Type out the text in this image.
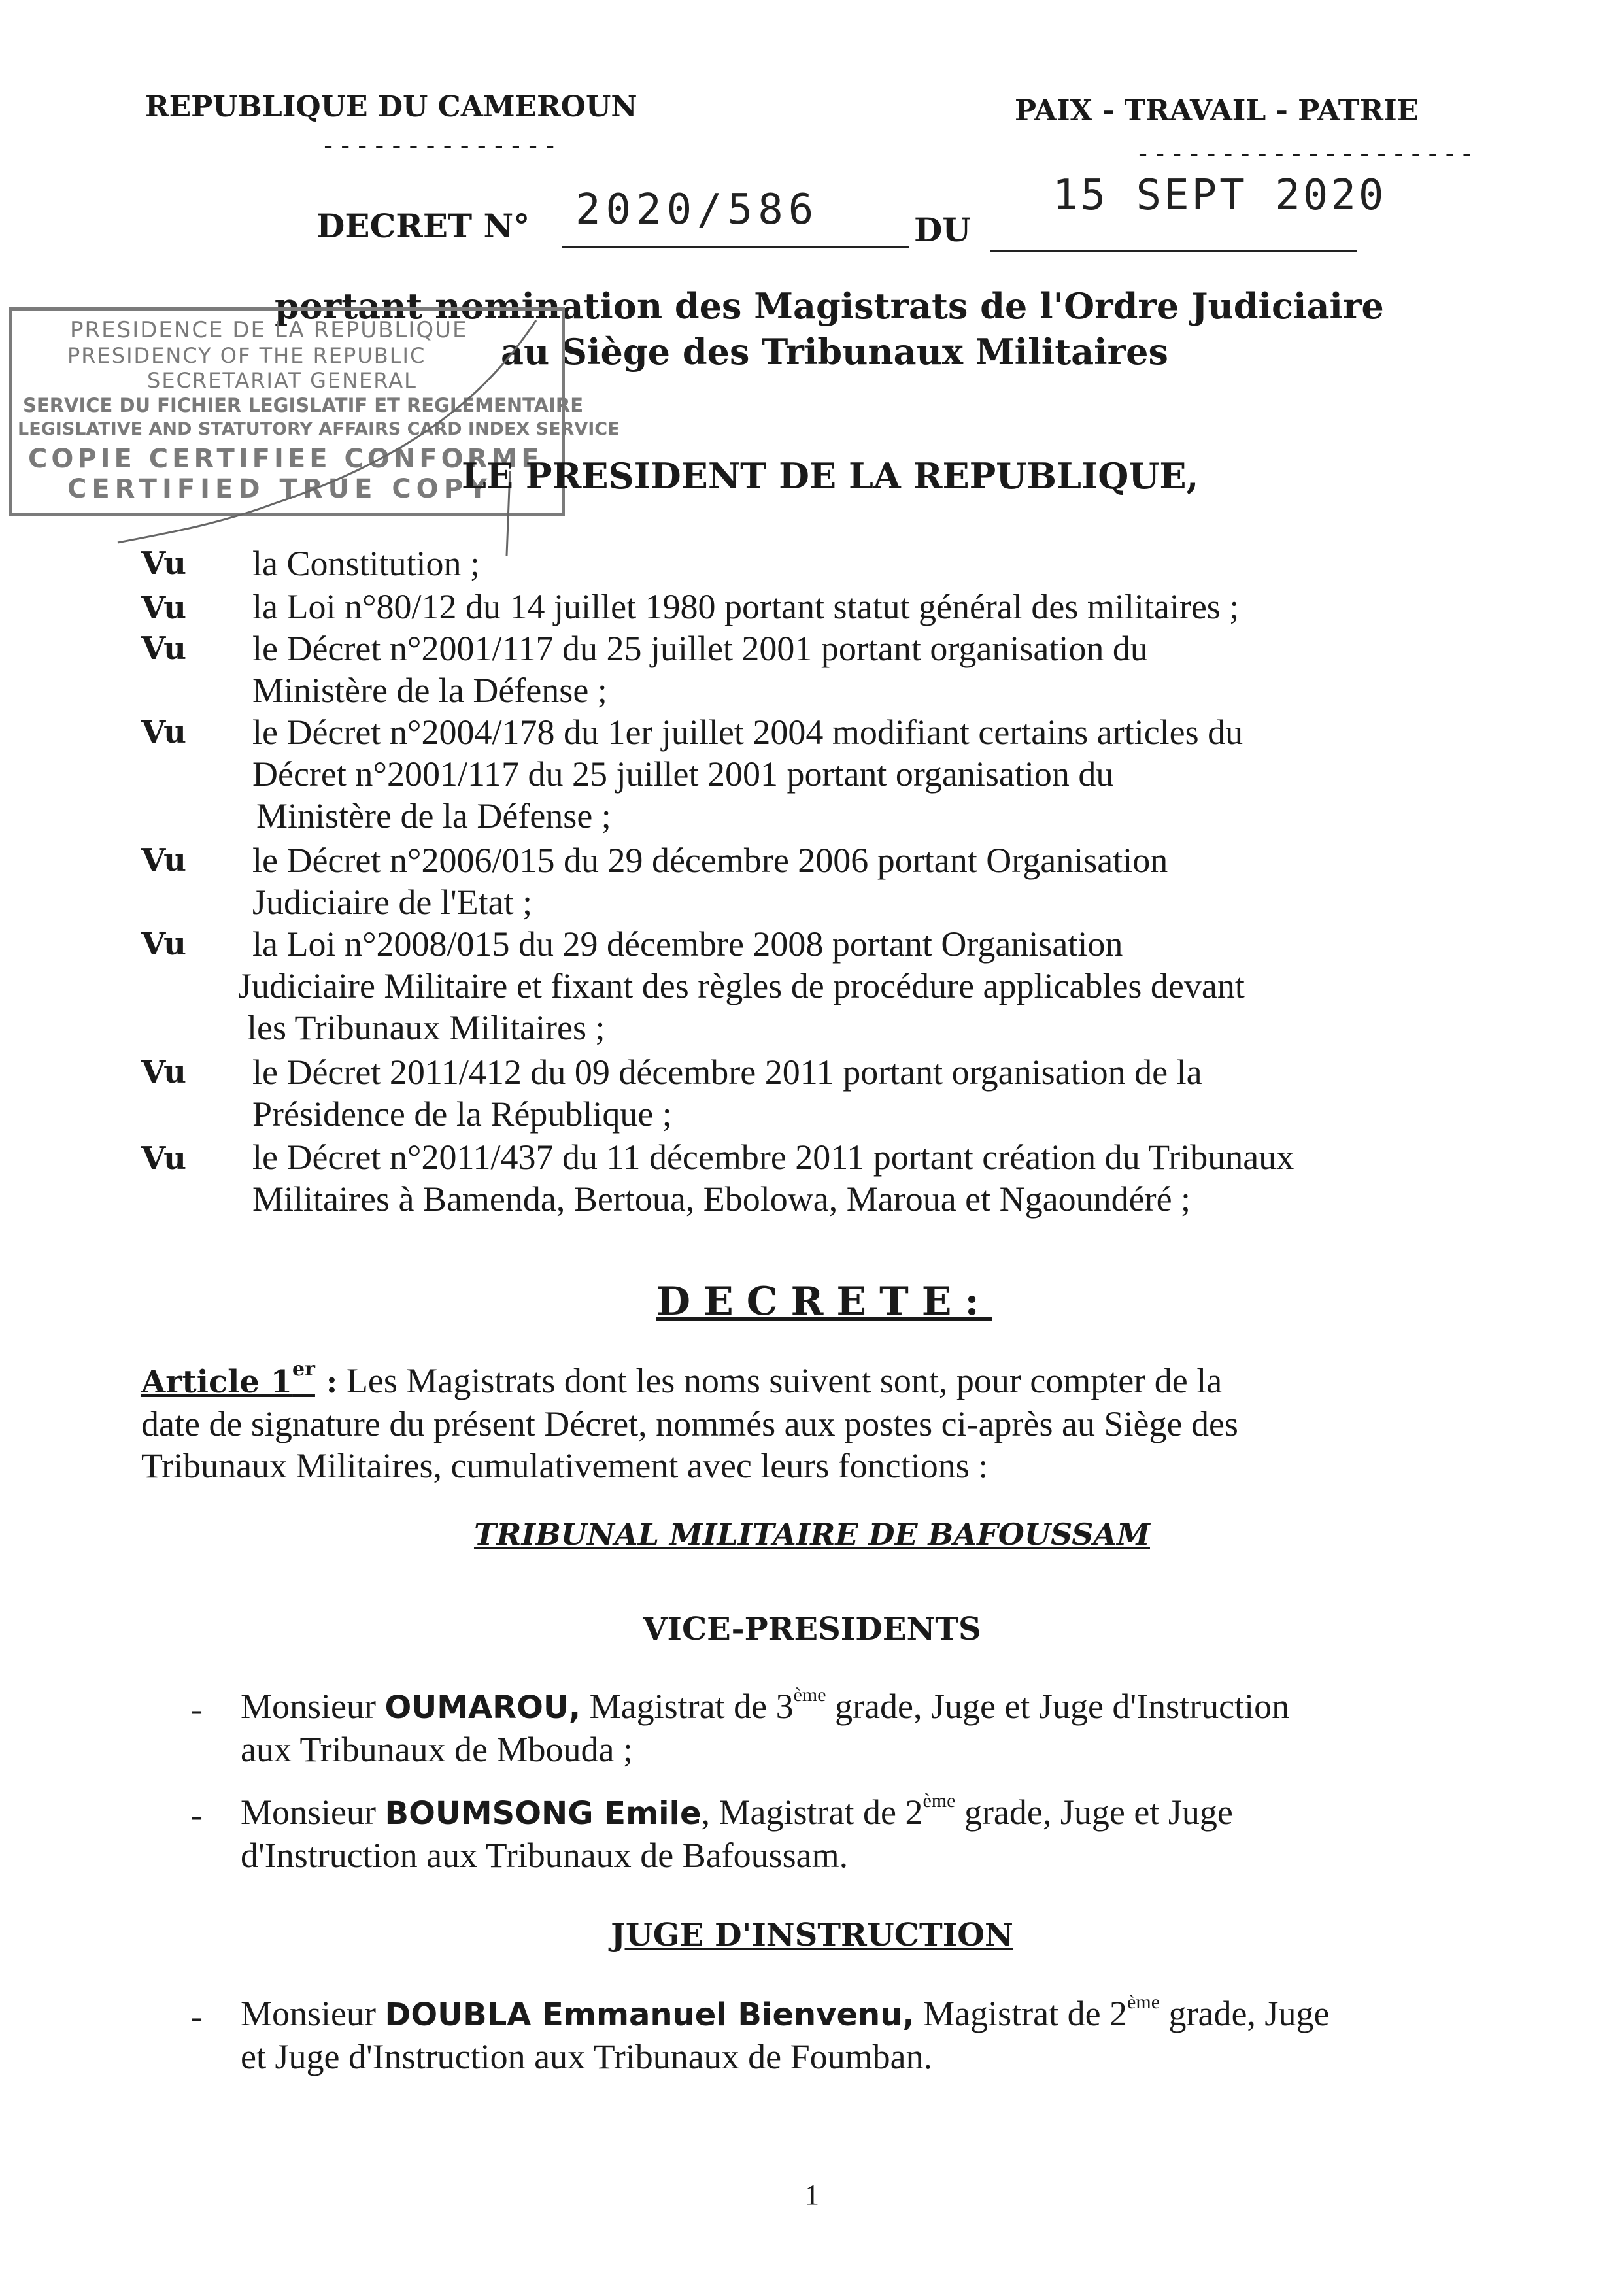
REPUBLIQUE DU CAMEROUN
--------------
PAIX - TRAVAIL - PATRIE
--------------------
DECRET N° 2020/586	DU
15 SEPT 2020
portant nomination des Magistrats de l'Ordre Judiciaire
au Siège des Tribunaux Militaires
PRESIDENCE DE LA REPUBLIQUE
PRESIDENCY OF THE REPUBLIC
SECRETARIAT GENERAL
SERVICE DU FICHIER LEGISLATIF ET REGLEMENTAIRE
LEGISLATIVE AND STATUTORY AFFAIRS CARD INDEX SERVICE
COPIE CERTIFIEE CONFORME
CERTIFIED TRUE COPY
LE PRESIDENT DE LA REPUBLIQUE,
Vu la Constitution ;
Vu la Loi n°80/12 du 14 juillet 1980 portant statut général des militaires ;
Vu le Décret n°2001/117 du 25 juillet 2001 portant organisation du
Ministère de la Défense ;
Vu le Décret n°2004/178 du 1er juillet 2004 modifiant certains articles du
Décret n°2001/117 du 25 juillet 2001 portant organisation du
Ministère de la Défense ;
Vu le Décret n°2006/015 du 29 décembre 2006 portant Organisation
Judiciaire de l'Etat ;
Vu la Loi n°2008/015 du 29 décembre 2008 portant Organisation
Judiciaire Militaire et fixant des règles de procédure applicables devant
les Tribunaux Militaires ;
Vu le Décret 2011/412 du 09 décembre 2011 portant organisation de la
Présidence de la République ;
Vu le Décret n°2011/437 du 11 décembre 2011 portant création du Tribunaux
Militaires à Bamenda, Bertoua, Ebolowa, Maroua et Ngaoundéré ;
DECRETE:
Article 1er : Les Magistrats dont les noms suivent sont, pour compter de la
date de signature du présent Décret, nommés aux postes ci-après au Siège des
Tribunaux Militaires, cumulativement avec leurs fonctions :
TRIBUNAL MILITAIRE DE BAFOUSSAM
VICE-PRESIDENTS
- Monsieur OUMAROU, Magistrat de 3ème grade, Juge et Juge d'Instruction
aux Tribunaux de Mbouda ;
- Monsieur BOUMSONG Emile, Magistrat de 2ème grade, Juge et Juge
d'Instruction aux Tribunaux de Bafoussam.
JUGE D'INSTRUCTION
- Monsieur DOUBLA Emmanuel Bienvenu, Magistrat de 2ème grade, Juge
et Juge d'Instruction aux Tribunaux de Foumban.
1
